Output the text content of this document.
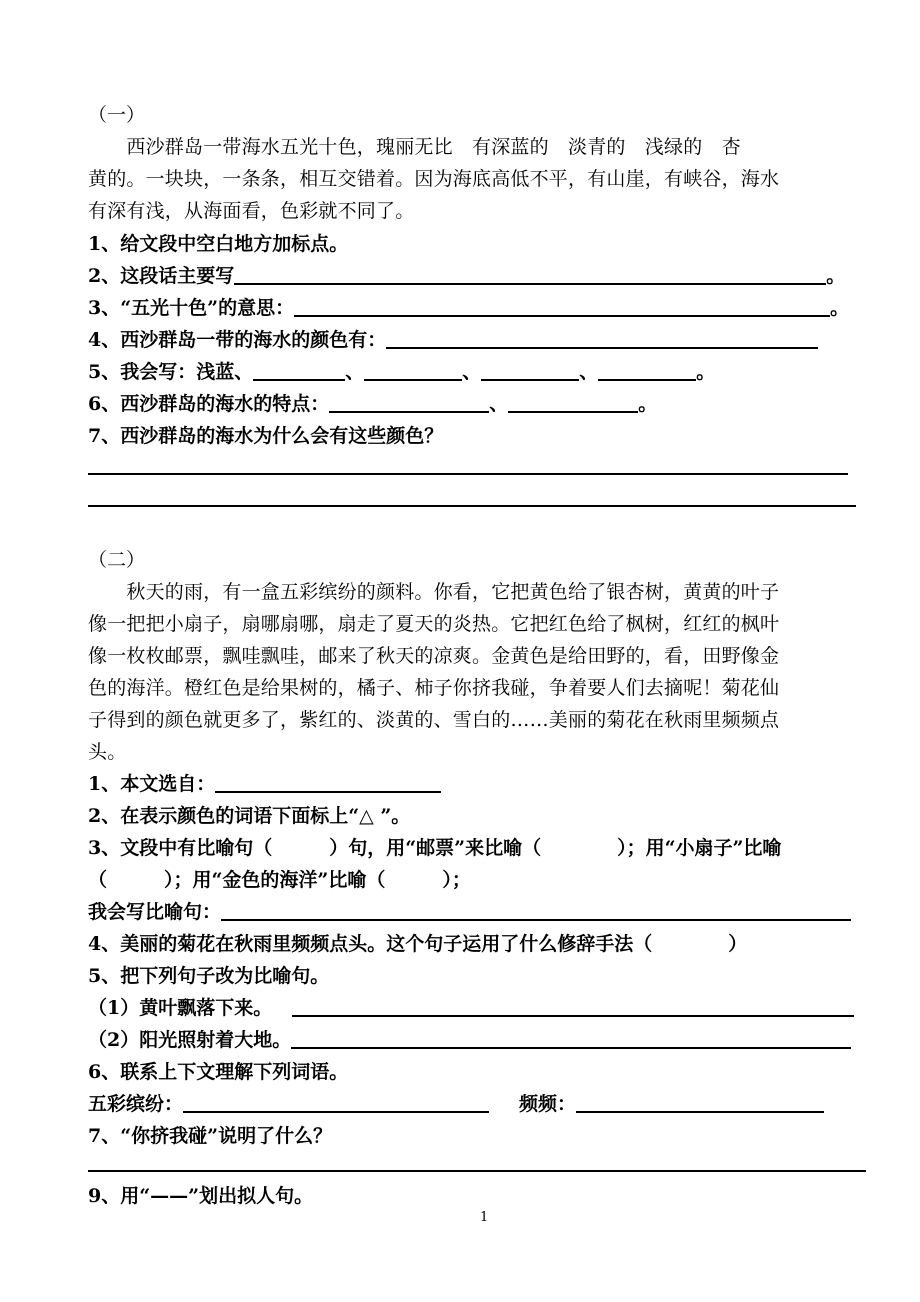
（一）
　　西沙群岛一带海水五光十色，瑰丽无比　有深蓝的　淡青的　浅绿的　杏
黄的。一块块，一条条，相互交错着。因为海底高低不平，有山崖，有峡谷，海水
有深有浅，从海面看，色彩就不同了。
1、给文段中空白地方加标点。
2、这段话主要写	。
3、“五光十色”的意思：	。
4、西沙群岛一带的海水的颜色有：
5、我会写：浅蓝、	、	、	、	。
6、西沙群岛的海水的特点：	、	。
7、西沙群岛的海水为什么会有这些颜色？
（二）
　　秋天的雨，有一盒五彩缤纷的颜料。你看，它把黄色给了银杏树，黄黄的叶子
像一把把小扇子，扇哪扇哪，扇走了夏天的炎热。它把红色给了枫树，红红的枫叶
像一枚枚邮票，飘哇飘哇，邮来了秋天的凉爽。金黄色是给田野的，看，田野像金
色的海洋。橙红色是给果树的，橘子、柿子你挤我碰，争着要人们去摘呢！菊花仙
子得到的颜色就更多了，紫红的、淡黄的、雪白的……美丽的菊花在秋雨里频频点
头。
1、本文选自：
2、在表示颜色的词语下面标上“△ ”。
3、文段中有比喻句（　　　）句，用“邮票”来比喻（　　　　）；用“小扇子”比喻
（　　　）；用“金色的海洋”比喻（　　　）；
我会写比喻句：
4、美丽的菊花在秋雨里频频点头。这个句子运用了什么修辞手法（　　　　）
5、把下列句子改为比喻句。
（1）黄叶飘落下来。
（2）阳光照射着大地。
6、联系上下文理解下列词语。
五彩缤纷：	频频：
7、“你挤我碰”说明了什么？
9、用“——”划出拟人句。
1
